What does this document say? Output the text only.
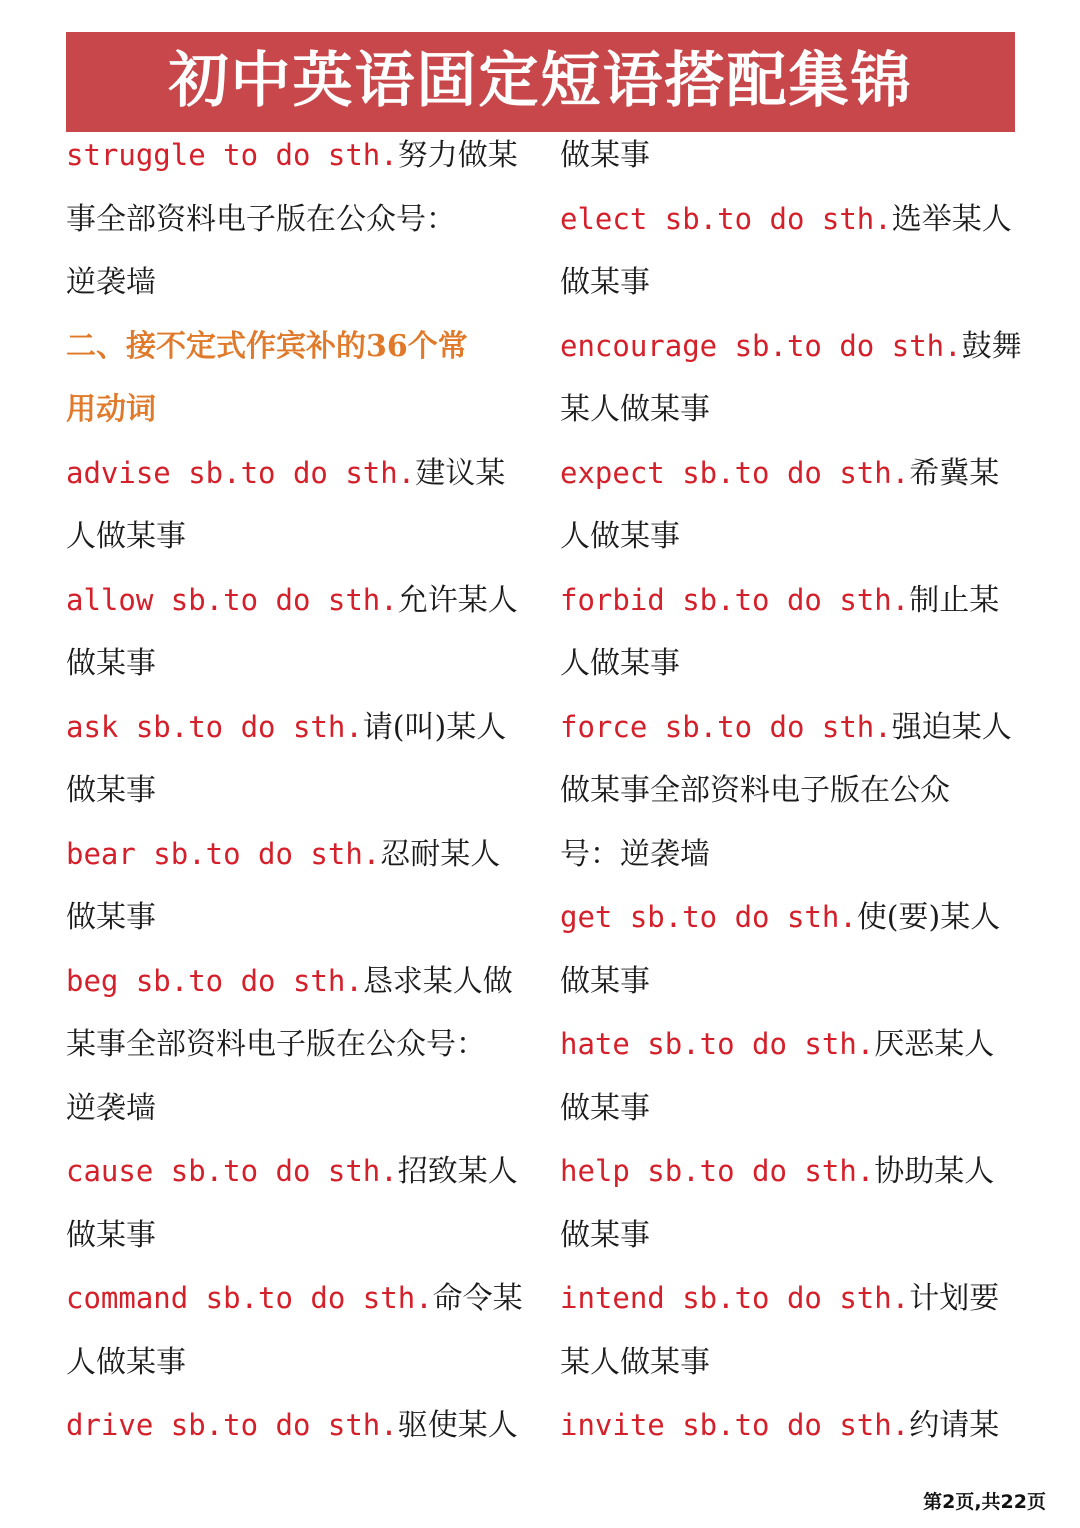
初中英语固定短语搭配集锦
struggle to do sth.努力做某
事全部资料电子版在公众号：
逆袭墙
二、接不定式作宾补的36个常
用动词
advise sb.to do sth.建议某
人做某事
allow sb.to do sth.允许某人
做某事
ask sb.to do sth.请(叫)某人
做某事
bear sb.to do sth.忍耐某人
做某事
beg sb.to do sth.恳求某人做
某事全部资料电子版在公众号：
逆袭墙
cause sb.to do sth.招致某人
做某事
command sb.to do sth.命令某
人做某事
drive sb.to do sth.驱使某人
做某事
elect sb.to do sth.选举某人
做某事
encourage sb.to do sth.鼓舞
某人做某事
expect sb.to do sth.希冀某
人做某事
forbid sb.to do sth.制止某
人做某事
force sb.to do sth.强迫某人
做某事全部资料电子版在公众
号：逆袭墙
get sb.to do sth.使(要)某人
做某事
hate sb.to do sth.厌恶某人
做某事
help sb.to do sth.协助某人
做某事
intend sb.to do sth.计划要
某人做某事
invite sb.to do sth.约请某
第2页,共22页
